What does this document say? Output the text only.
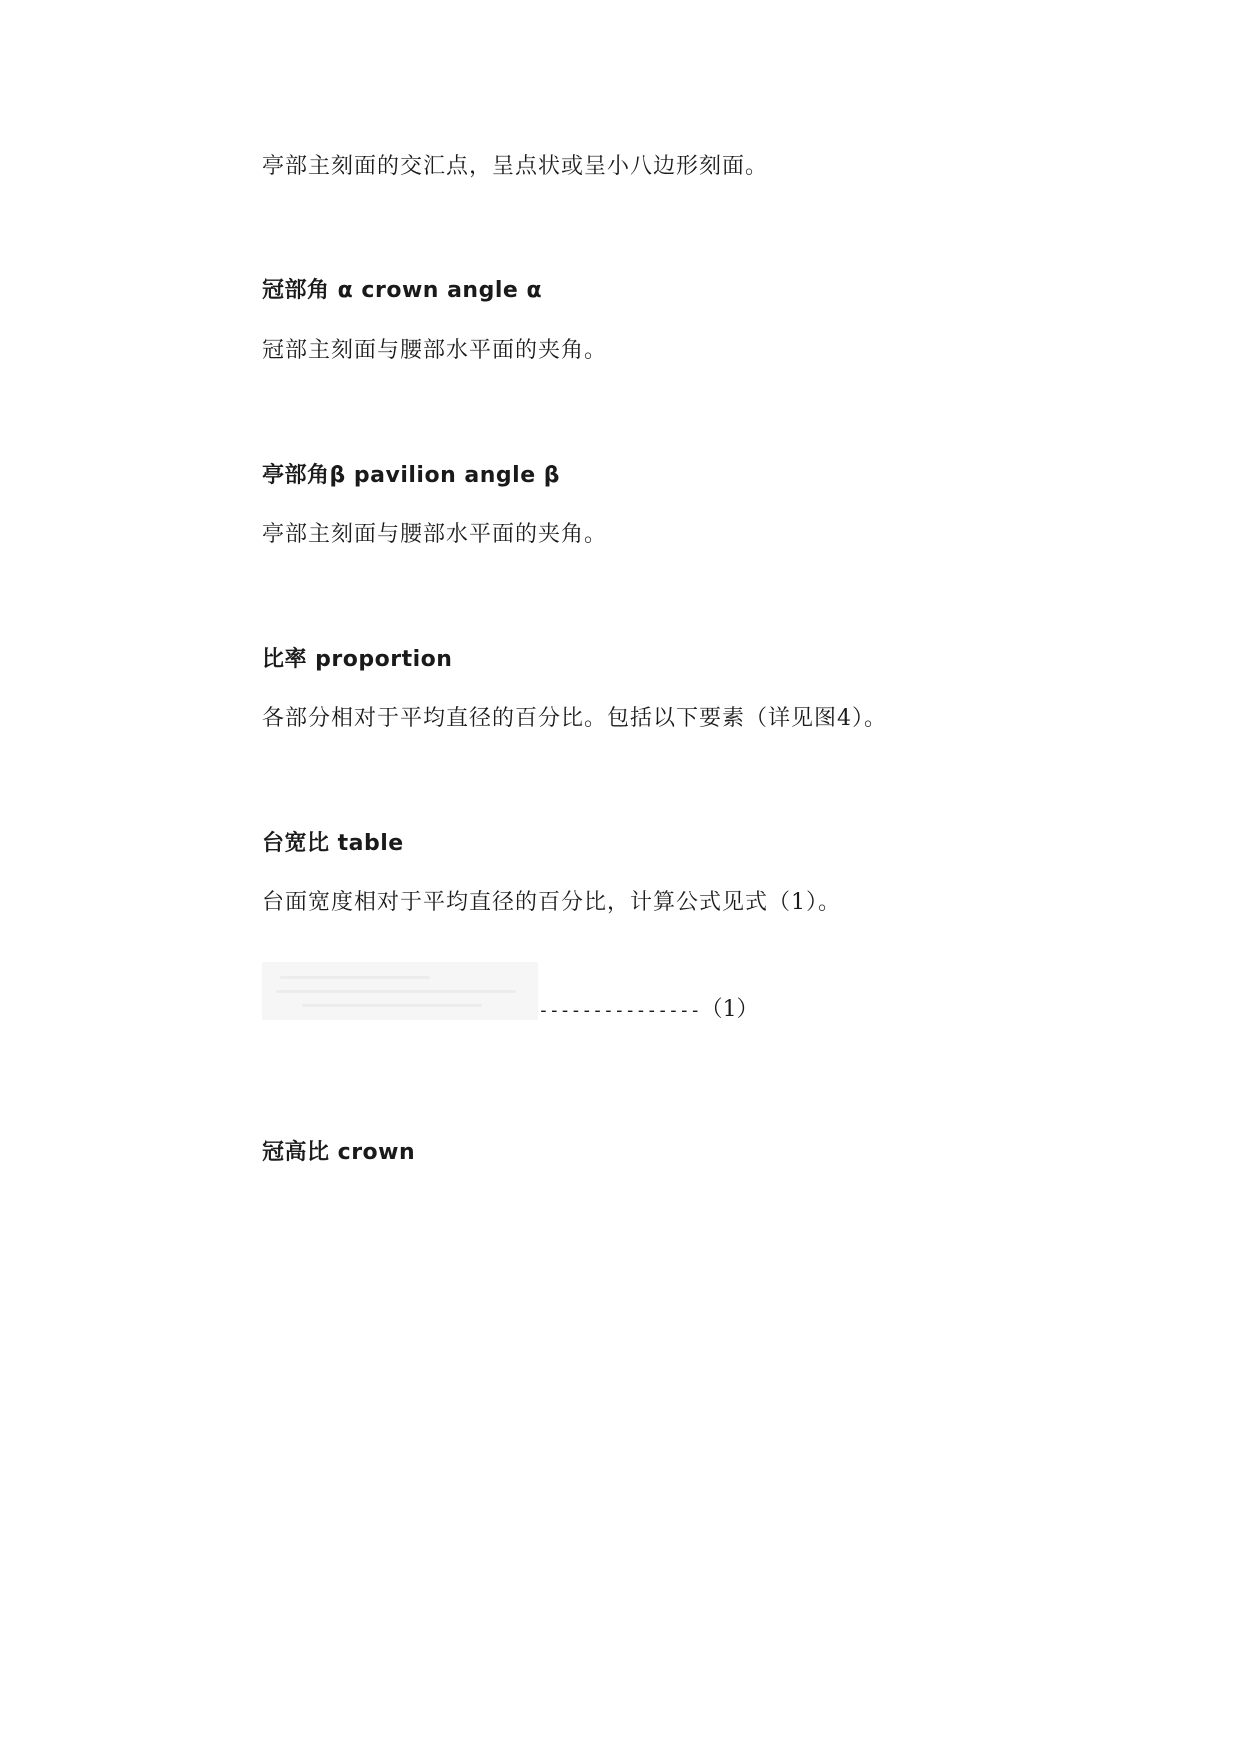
亭部主刻面的交汇点，呈点状或呈小八边形刻面。
冠部角 α crown angle α
冠部主刻面与腰部水平面的夹角。
亭部角β pavilion angle β
亭部主刻面与腰部水平面的夹角。
比率 proportion
各部分相对于平均直径的百分比。包括以下要素（详见图4）。
台宽比 table
台面宽度相对于平均直径的百分比，计算公式见式（1）。
---------------（1）
冠高比 crown
